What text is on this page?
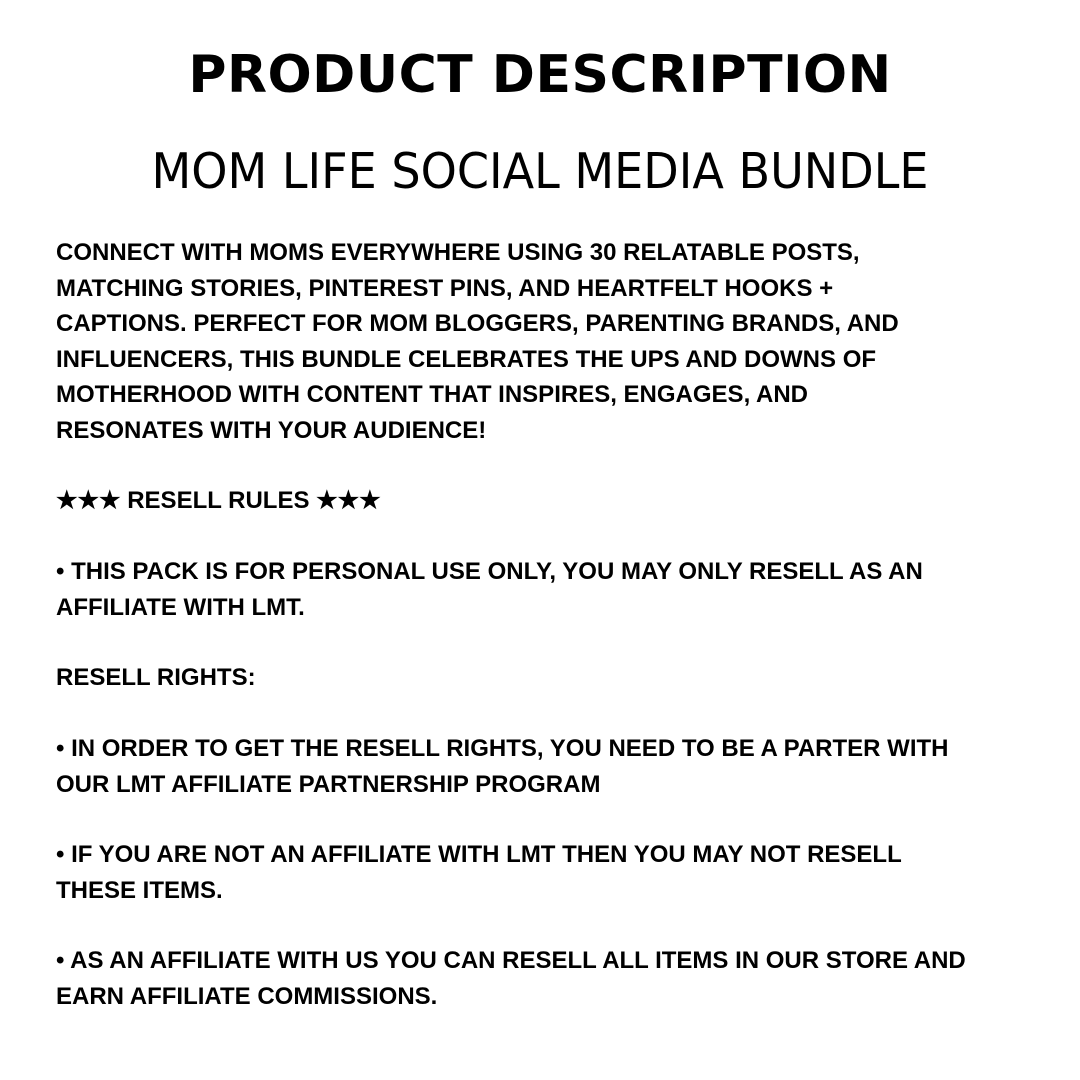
PRODUCT DESCRIPTION
MOM LIFE SOCIAL MEDIA BUNDLE

CONNECT WITH MOMS EVERYWHERE USING 30 RELATABLE POSTS,
MATCHING STORIES, PINTEREST PINS, AND HEARTFELT HOOKS +
CAPTIONS. PERFECT FOR MOM BLOGGERS, PARENTING BRANDS, AND
INFLUENCERS, THIS BUNDLE CELEBRATES THE UPS AND DOWNS OF
MOTHERHOOD WITH CONTENT THAT INSPIRES, ENGAGES, AND
RESONATES WITH YOUR AUDIENCE!

★★★ RESELL RULES ★★★

• THIS PACK IS FOR PERSONAL USE ONLY, YOU MAY ONLY RESELL AS AN
AFFILIATE WITH LMT.

RESELL RIGHTS:

• IN ORDER TO GET THE RESELL RIGHTS, YOU NEED TO BE A PARTER WITH
OUR LMT AFFILIATE PARTNERSHIP PROGRAM

• IF YOU ARE NOT AN AFFILIATE WITH LMT THEN YOU MAY NOT RESELL
THESE ITEMS.

• AS AN AFFILIATE WITH US YOU CAN RESELL ALL ITEMS IN OUR STORE AND
EARN AFFILIATE COMMISSIONS.
